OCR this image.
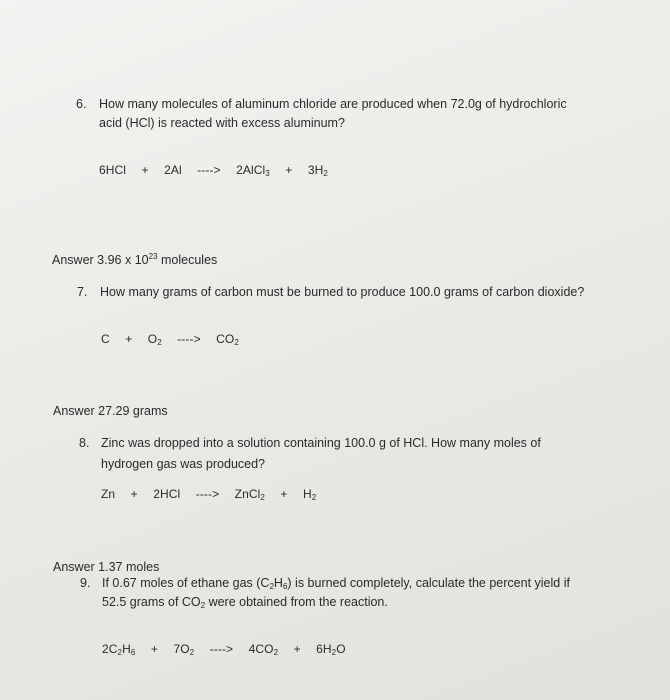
6. How many molecules of aluminum chloride are produced when 72.0g of hydrochloric
acid (HCl) is reacted with excess aluminum?
6HCl + 2Al ----> 2AlCl$_3$ + $3H_2$
Answer 3.96 x $10^{23}$ molecules
7. How many grams of carbon must be burned to produce 100.0 grams of carbon dioxide?
$C + O_2$ ----> $CO_2$
Answer 27.29 grams
8. Zinc was dropped into a solution containing 100.0 g of HCl. How many moles of
hydrogen gas was produced?
Zn + 2HCl ----> ZnCl$_2$ + $H_2$
Answer 1.37 moles
9. If 0.67 moles of ethane gas $(C_2H_6)$ is burned completely, calculate the percent yield if
52.5 grams of $CO_2$ were obtained from the reaction.
$2C_2H_6 + 7O_2$ ----> $4CO_2 + 6H_2O$
